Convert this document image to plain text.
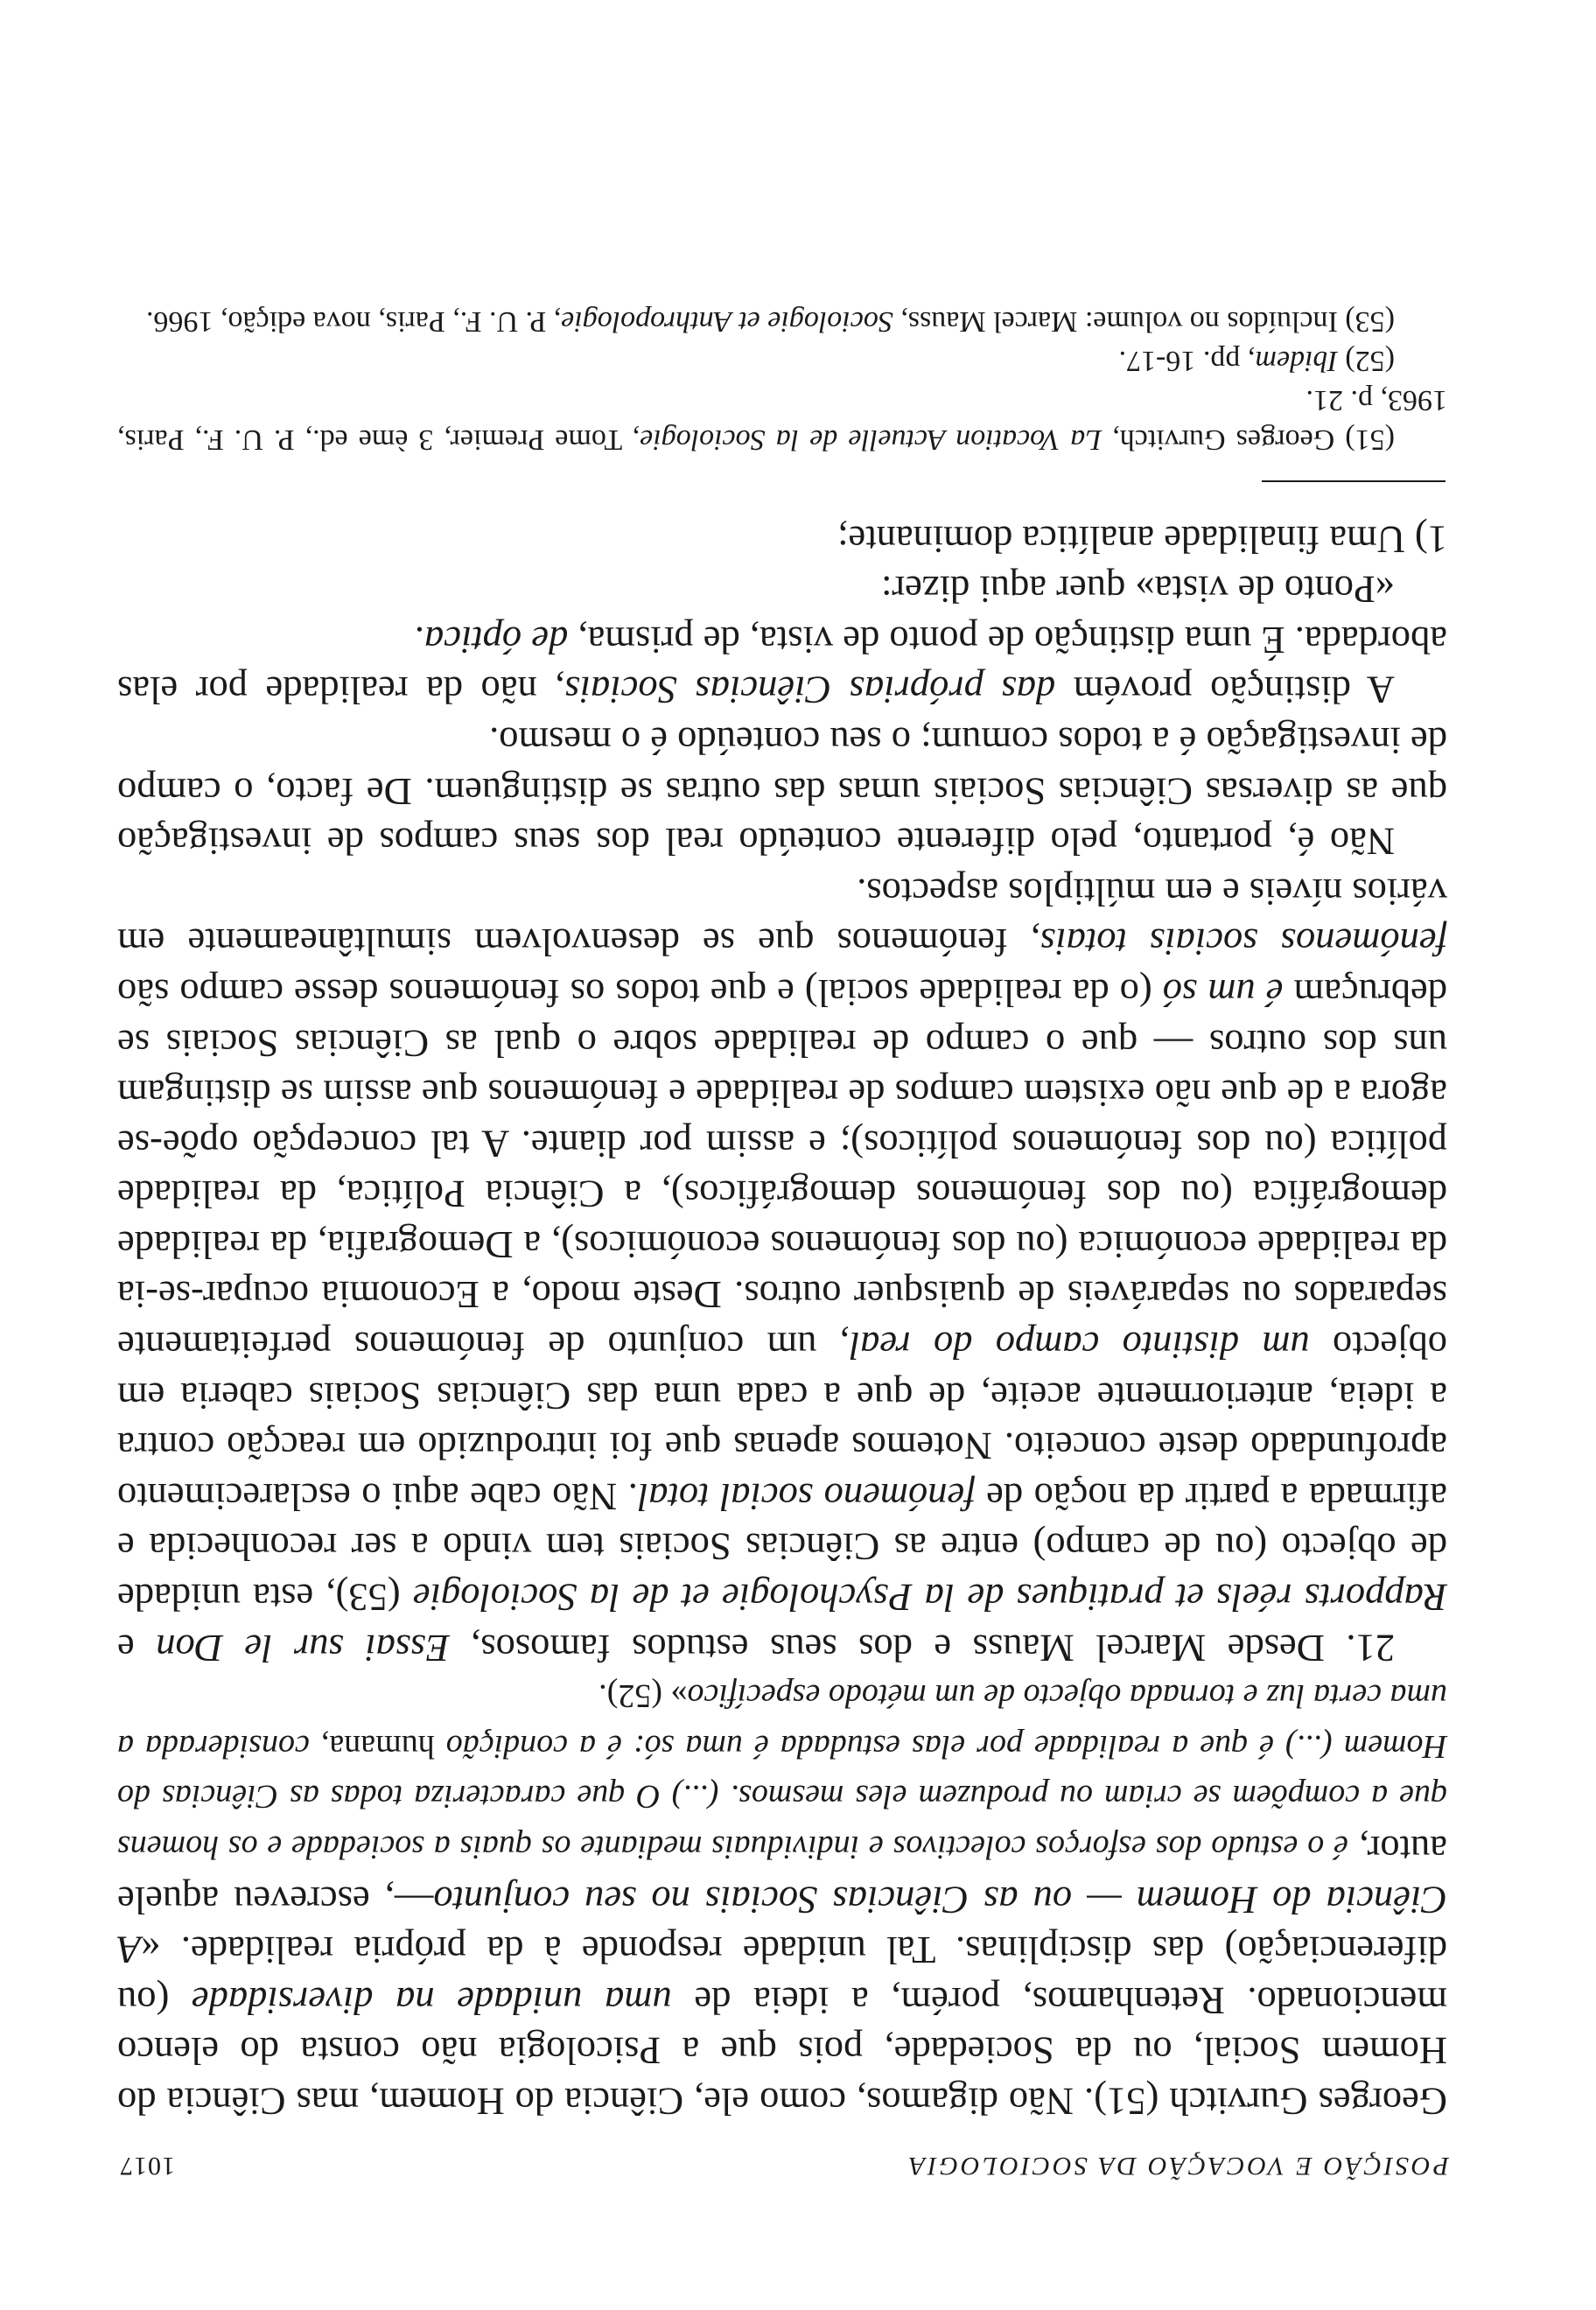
POSIÇÃO E VOCAÇÃO DA SOCIOLOGIA
1017

Georges Gurvitch (51). Não digamos, como ele, Ciência do Homem, mas Ciência do Homem Social, ou da Sociedade, pois que a Psicologia não consta do elenco mencionado. Retenhamos, porém, a ideia de uma unidade na diversidade (ou diferenciação) das disciplinas. Tal unidade responde à da própria realidade. «A Ciência do Homem — ou as Ciências Sociais no seu conjunto—, escreveu aquele autor, é o estudo dos esforços colectivos e individuais mediante os quais a sociedade e os homens que a compõem se criam ou produzem eles mesmos. (...) O que caracteriza todas as Ciências do Homem (...) é que a realidade por elas estudada é uma só: é a condição humana, considerada a uma certa luz e tornada objecto de um método específico» (52).

21. Desde Marcel Mauss e dos seus estudos famosos, Essai sur le Don e Rapports réels et pratiques de la Psychologie et de la Sociologie (53), esta unidade de objecto (ou de campo) entre as Ciências Sociais tem vindo a ser reconhecida e afirmada a partir da noção de fenómeno social total. Não cabe aqui o esclarecimento aprofundado deste conceito. Notemos apenas que foi introduzido em reacção contra a ideia, anteriormente aceite, de que a cada uma das Ciências Sociais caberia em objecto um distinto campo do real, um conjunto de fenómenos perfeitamente separados ou separáveis de quaisquer outros. Deste modo, a Economia ocupar-se-ia da realidade económica (ou dos fenómenos económicos), a Demografia, da realidade demográfica (ou dos fenómenos demográficos), a Ciência Política, da realidade política (ou dos fenómenos políticos); e assim por diante. A tal concepção opõe-se agora a de que não existem campos de realidade e fenómenos que assim se distingam uns dos outros — que o campo de realidade sobre o qual as Ciências Sociais se debruçam é um só (o da realidade social) e que todos os fenómenos desse campo são fenómenos sociais totais, fenómenos que se desenvolvem simultâneamente em vários níveis e em múltiplos aspectos.

Não é, portanto, pelo diferente conteúdo real dos seus campos de investigação que as diversas Ciências Sociais umas das outras se distinguem. De facto, o campo de investigação é a todos comum; o seu conteúdo é o mesmo.

A distinção provém das próprias Ciências Sociais, não da realidade por elas abordada. É uma distinção de ponto de vista, de prisma, de óptica.

«Ponto de vista» quer aqui dizer:

1) Uma finalidade analítica dominante;

(51) Georges Gurvitch, La Vocation Actuelle de la Sociologie, Tome Premier, 3 ème ed., P. U. F., Paris, 1963, p. 21.

(52) Ibidem, pp. 16-17.

(53) Incluídos no volume: Marcel Mauss, Sociologie et Anthropologie, P. U. F., Paris, nova edição, 1966.
